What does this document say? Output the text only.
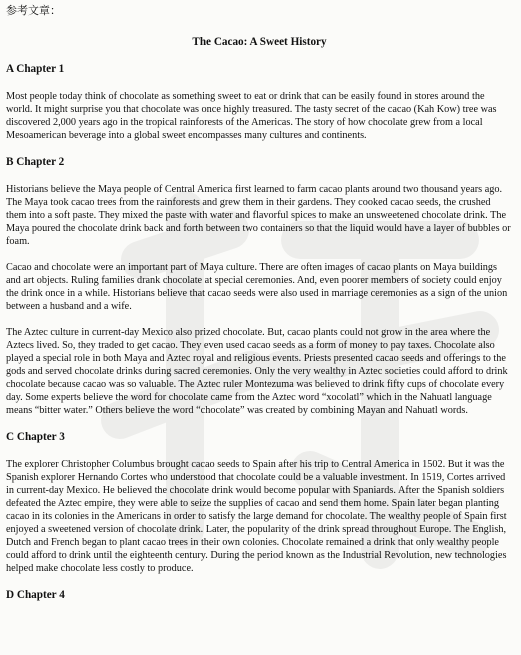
参考文章：
The Cacao: A Sweet History
A Chapter 1

Most people today think of chocolate as something sweet to eat or drink that can be easily found in stores around the world. It might surprise you that chocolate was once highly treasured. The tasty secret of the cacao (Kah Kow) tree was discovered 2,000 years ago in the tropical rainforests of the Americas. The story of how chocolate grew from a local Mesoamerican beverage into a global sweet encompasses many cultures and continents.

B Chapter 2

Historians believe the Maya people of Central America first learned to farm cacao plants around two thousand years ago. The Maya took cacao trees from the rainforests and grew them in their gardens. They cooked cacao seeds, the crushed them into a soft paste. They mixed the paste with water and flavorful spices to make an unsweetened chocolate drink. The Maya poured the chocolate drink back and forth between two containers so that the liquid would have a layer of bubbles or foam.

Cacao and chocolate were an important part of Maya culture. There are often images of cacao plants on Maya buildings and art objects. Ruling families drank chocolate at special ceremonies. And, even poorer members of society could enjoy the drink once in a while. Historians believe that cacao seeds were also used in marriage ceremonies as a sign of the union between a husband and a wife.

The Aztec culture in current-day Mexico also prized chocolate. But, cacao plants could not grow in the area where the Aztecs lived. So, they traded to get cacao. They even used cacao seeds as a form of money to pay taxes. Chocolate also played a special role in both Maya and Aztec royal and religious events. Priests presented cacao seeds and offerings to the gods and served chocolate drinks during sacred ceremonies. Only the very wealthy in Aztec societies could afford to drink chocolate because cacao was so valuable. The Aztec ruler Montezuma was believed to drink fifty cups of chocolate every day. Some experts believe the word for chocolate came from the Aztec word “xocolatl” which in the Nahuatl language means “bitter water.” Others believe the word “chocolate” was created by combining Mayan and Nahuatl words.

C Chapter 3

The explorer Christopher Columbus brought cacao seeds to Spain after his trip to Central America in 1502. But it was the Spanish explorer Hernando Cortes who understood that chocolate could be a valuable investment. In 1519, Cortes arrived in current-day Mexico. He believed the chocolate drink would become popular with Spaniards. After the Spanish soldiers defeated the Aztec empire, they were able to seize the supplies of cacao and send them home. Spain later began planting cacao in its colonies in the Americans in order to satisfy the large demand for chocolate. The wealthy people of Spain first enjoyed a sweetened version of chocolate drink. Later, the popularity of the drink spread throughout Europe. The English, Dutch and French began to plant cacao trees in their own colonies. Chocolate remained a drink that only wealthy people could afford to drink until the eighteenth century. During the period known as the Industrial Revolution, new technologies helped make chocolate less costly to produce.

D Chapter 4
